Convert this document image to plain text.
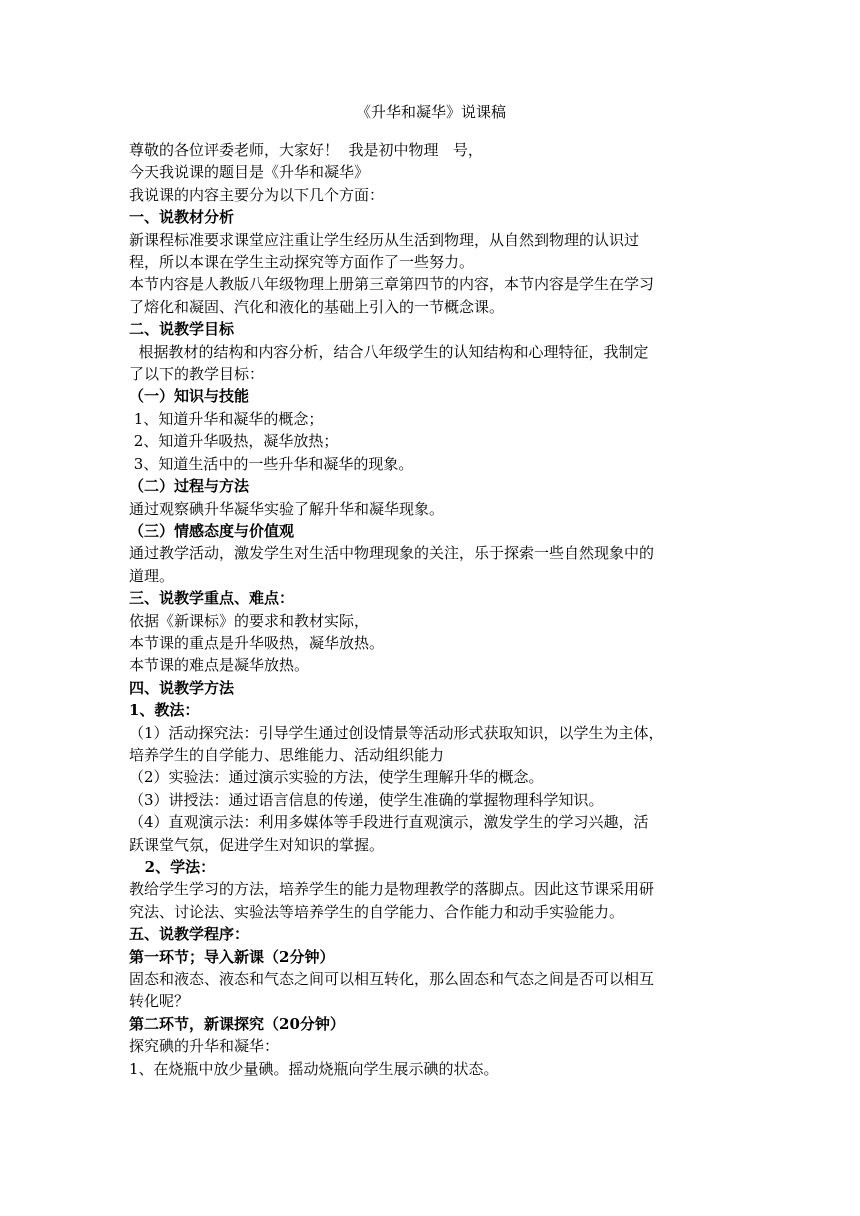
《升华和凝华》说课稿

尊敬的各位评委老师，大家好！  我是初中物理   号，

今天我说课的题目是《升华和凝华》

我说课的内容主要分为以下几个方面：

一、说教材分析

新课程标准要求课堂应注重让学生经历从生活到物理，从自然到物理的认识过

程，所以本课在学生主动探究等方面作了一些努力。

本节内容是人教版八年级物理上册第三章第四节的内容，本节内容是学生在学习

了熔化和凝固、汽化和液化的基础上引入的一节概念课。

二、说教学目标

根据教材的结构和内容分析，结合八年级学生的认知结构和心理特征，我制定

了以下的教学目标：

（一）知识与技能

1、知道升华和凝华的概念；

2、知道升华吸热，凝华放热；

3、知道生活中的一些升华和凝华的现象。

（二）过程与方法

通过观察碘升华凝华实验了解升华和凝华现象。

（三）情感态度与价值观

通过教学活动，激发学生对生活中物理现象的关注，乐于探索一些自然现象中的

道理。

三、说教学重点、难点：

依据《新课标》的要求和教材实际，

本节课的重点是升华吸热，凝华放热。

本节课的难点是凝华放热。

四、说教学方法

1、教法：

（1）活动探究法：引导学生通过创设情景等活动形式获取知识，以学生为主体，

培养学生的自学能力、思维能力、活动组织能力

（2）实验法：通过演示实验的方法，使学生理解升华的概念。

（3）讲授法：通过语言信息的传递，使学生准确的掌握物理科学知识。

（4）直观演示法：利用多媒体等手段进行直观演示，激发学生的学习兴趣，活

跃课堂气氛，促进学生对知识的掌握。

2、学法：

教给学生学习的方法，培养学生的能力是物理教学的落脚点。因此这节课采用研

究法、讨论法、实验法等培养学生的自学能力、合作能力和动手实验能力。

五、说教学程序：

第一环节；导入新课（2分钟）

固态和液态、液态和气态之间可以相互转化，那么固态和气态之间是否可以相互

转化呢？

第二环节，新课探究（20分钟）

探究碘的升华和凝华：

1、在烧瓶中放少量碘。摇动烧瓶向学生展示碘的状态。
